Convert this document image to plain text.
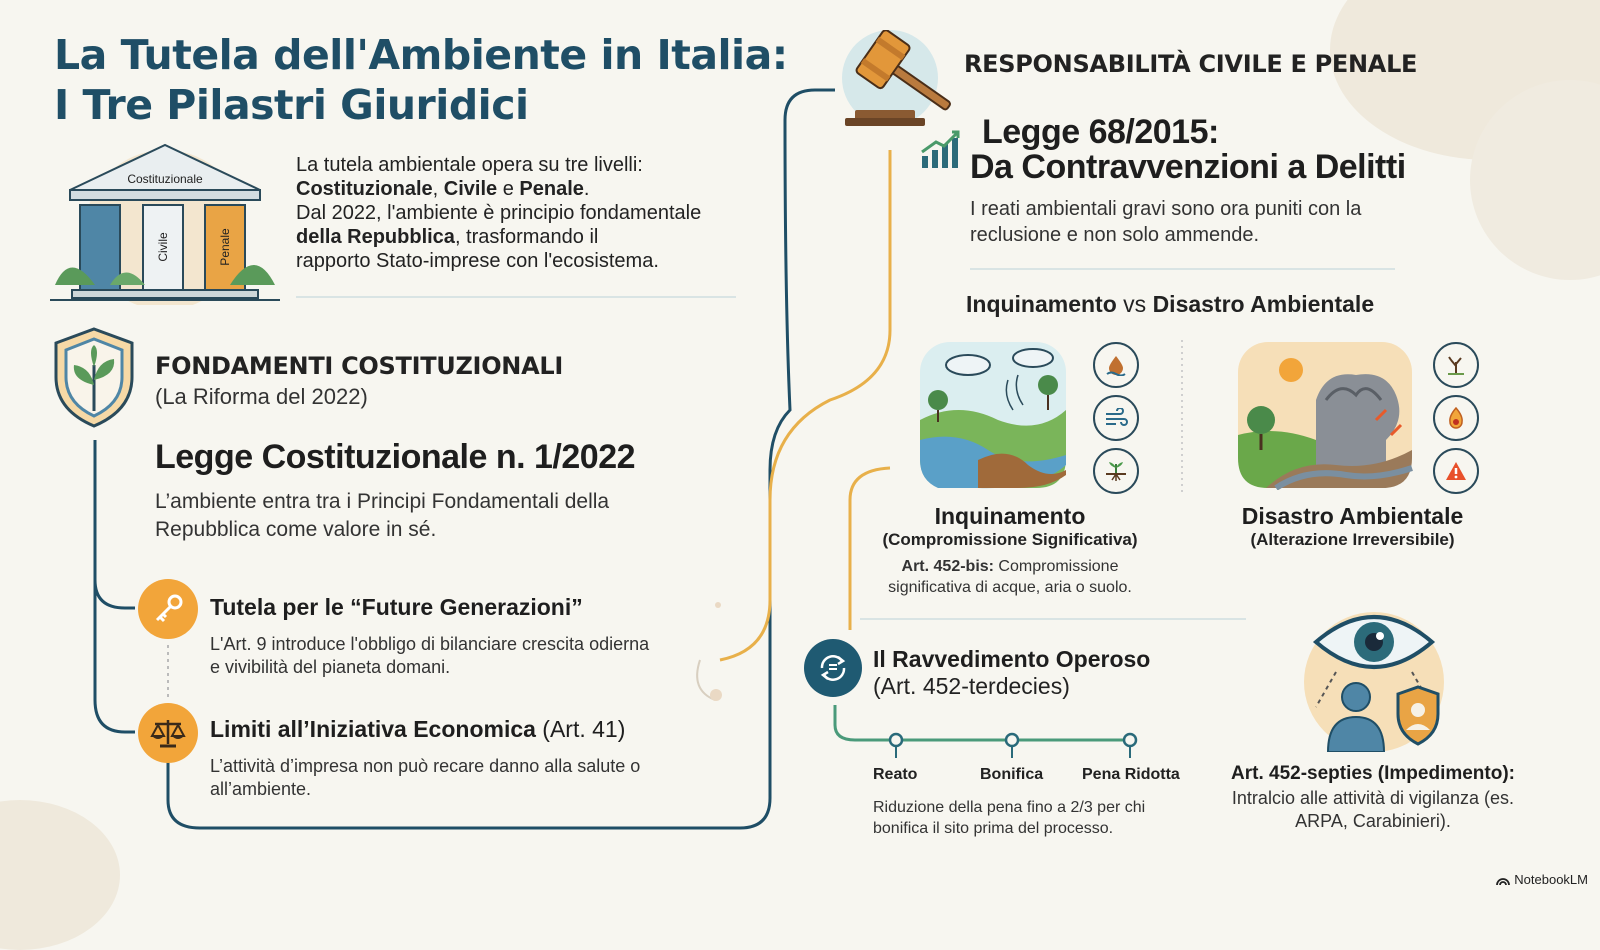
La Tutela dell'Ambiente in Italia:
I Tre Pilastri Giuridici
Costituzionale
Civile	Penale
La tutela ambientale opera su tre livelli:
Costituzionale, Civile e Penale.
Dal 2022, l'ambiente è principio fondamentale
della Repubblica, trasformando il
rapporto Stato-imprese con l'ecosistema.
FONDAMENTI COSTITUZIONALI
(La Riforma del 2022)
Legge Costituzionale n. 1/2022
L’ambiente entra tra i Principi Fondamentali della Repubblica come valore in sé.
Tutela per le “Future Generazioni”
L'Art. 9 introduce l'obbligo di bilanciare crescita odierna e vivibilità del pianeta domani.
Limiti all’Iniziativa Economica (Art. 41)
L’attività d’impresa non può recare danno alla salute o all’ambiente.
RESPONSABILITÀ CIVILE E PENALE
Legge 68/2015:
Da Contravvenzioni a Delitti
I reati ambientali gravi sono ora puniti con la reclusione e non solo ammende.
Inquinamento vs Disastro Ambientale
Inquinamento
(Compromissione Significativa)
Art. 452-bis: Compromissione significativa di acque, aria o suolo.
Disastro Ambientale
(Alterazione Irreversibile)
Il Ravvedimento Operoso
(Art. 452-terdecies)
Reato	Bonifica Pena Ridotta
Riduzione della pena fino a 2/3 per chi bonifica il sito prima del processo.
Art. 452-septies (Impedimento):
Intralcio alle attività di vigilanza (es. ARPA, Carabinieri).
NotebookLM
